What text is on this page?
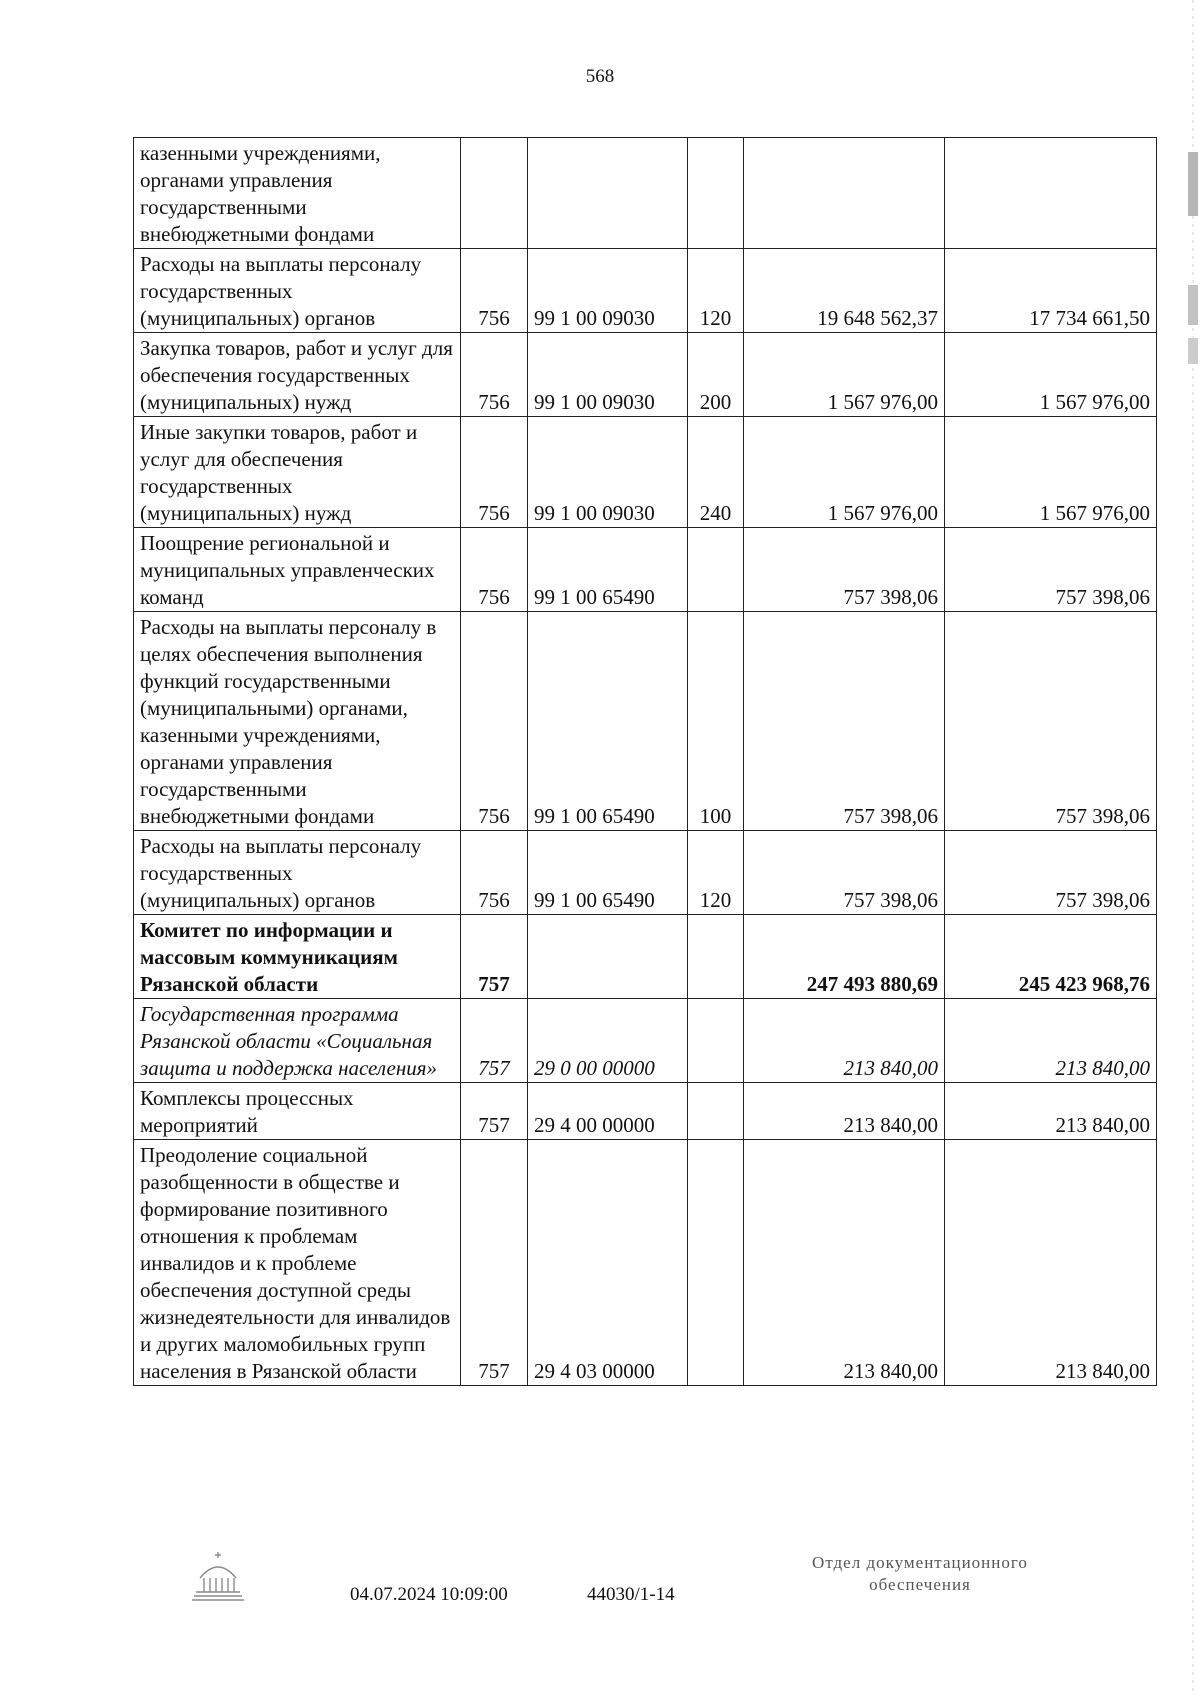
568
казенными учреждениями, органами управления государственными внебюджетными фондами					
Расходы на выплаты персоналу государственных (муниципальных) органов	756	99 1 00 09030	120	19 648 562,37	17 734 661,50
Закупка товаров, работ и услуг для обеспечения государственных (муниципальных) нужд	756	99 1 00 09030	200	1 567 976,00	1 567 976,00
Иные закупки товаров, работ и услуг для обеспечения государственных (муниципальных) нужд	756	99 1 00 09030	240	1 567 976,00	1 567 976,00
Поощрение региональной и муниципальных управленческих команд	756	99 1 00 65490		757 398,06	757 398,06
Расходы на выплаты персоналу в целях обеспечения выполнения функций государственными (муниципальными) органами, казенными учреждениями, органами управления государственными внебюджетными фондами	756	99 1 00 65490	100	757 398,06	757 398,06
Расходы на выплаты персоналу государственных (муниципальных) органов	756	99 1 00 65490	120	757 398,06	757 398,06
Комитет по информации и массовым коммуникациям Рязанской области	757			247 493 880,69	245 423 968,76
Государственная программа Рязанской области «Социальная защита и поддержка населения»	757	29 0 00 00000		213 840,00	213 840,00
Комплексы процессных мероприятий	757	29 4 00 00000		213 840,00	213 840,00
Преодоление социальной разобщенности в обществе и формирование позитивного отношения к проблемам инвалидов и к проблеме обеспечения доступной среды жизнедеятельности для инвалидов и других маломобильных групп населения в Рязанской области	757	29 4 03 00000		213 840,00	213 840,00
04.07.2024 10:09:00	44030/1-14
Отдел документационного обеспечения
